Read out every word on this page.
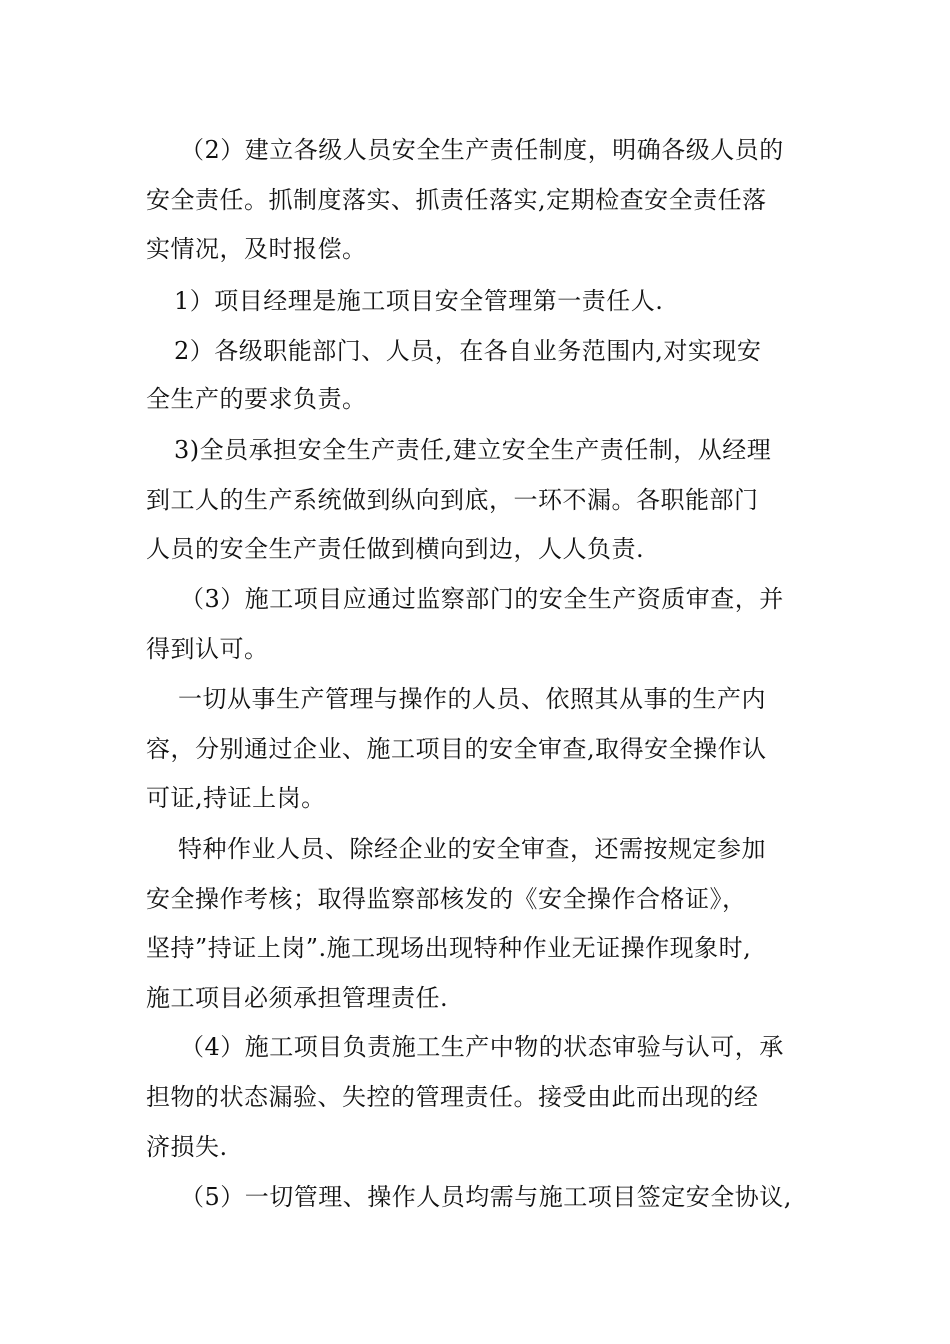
（2）建立各级人员安全生产责任制度，明确各级人员的
安全责任。抓制度落实、抓责任落实,定期检查安全责任落
实情况，及时报偿。
1）项目经理是施工项目安全管理第一责任人.
2）各级职能部门、人员，在各自业务范围内,对实现安
全生产的要求负责。
3)全员承担安全生产责任,建立安全生产责任制，从经理
到工人的生产系统做到纵向到底，一环不漏。各职能部门
人员的安全生产责任做到横向到边，人人负责.
（3）施工项目应通过监察部门的安全生产资质审查，并
得到认可。
一切从事生产管理与操作的人员、依照其从事的生产内
容，分别通过企业、施工项目的安全审查,取得安全操作认
可证,持证上岗。
特种作业人员、除经企业的安全审查，还需按规定参加
安全操作考核；取得监察部核发的《安全操作合格证》，
坚持”持证上岗”.施工现场出现特种作业无证操作现象时,
施工项目必须承担管理责任.
（4）施工项目负责施工生产中物的状态审验与认可，承
担物的状态漏验、失控的管理责任。接受由此而出现的经
济损失.
（5）一切管理、操作人员均需与施工项目签定安全协议,
